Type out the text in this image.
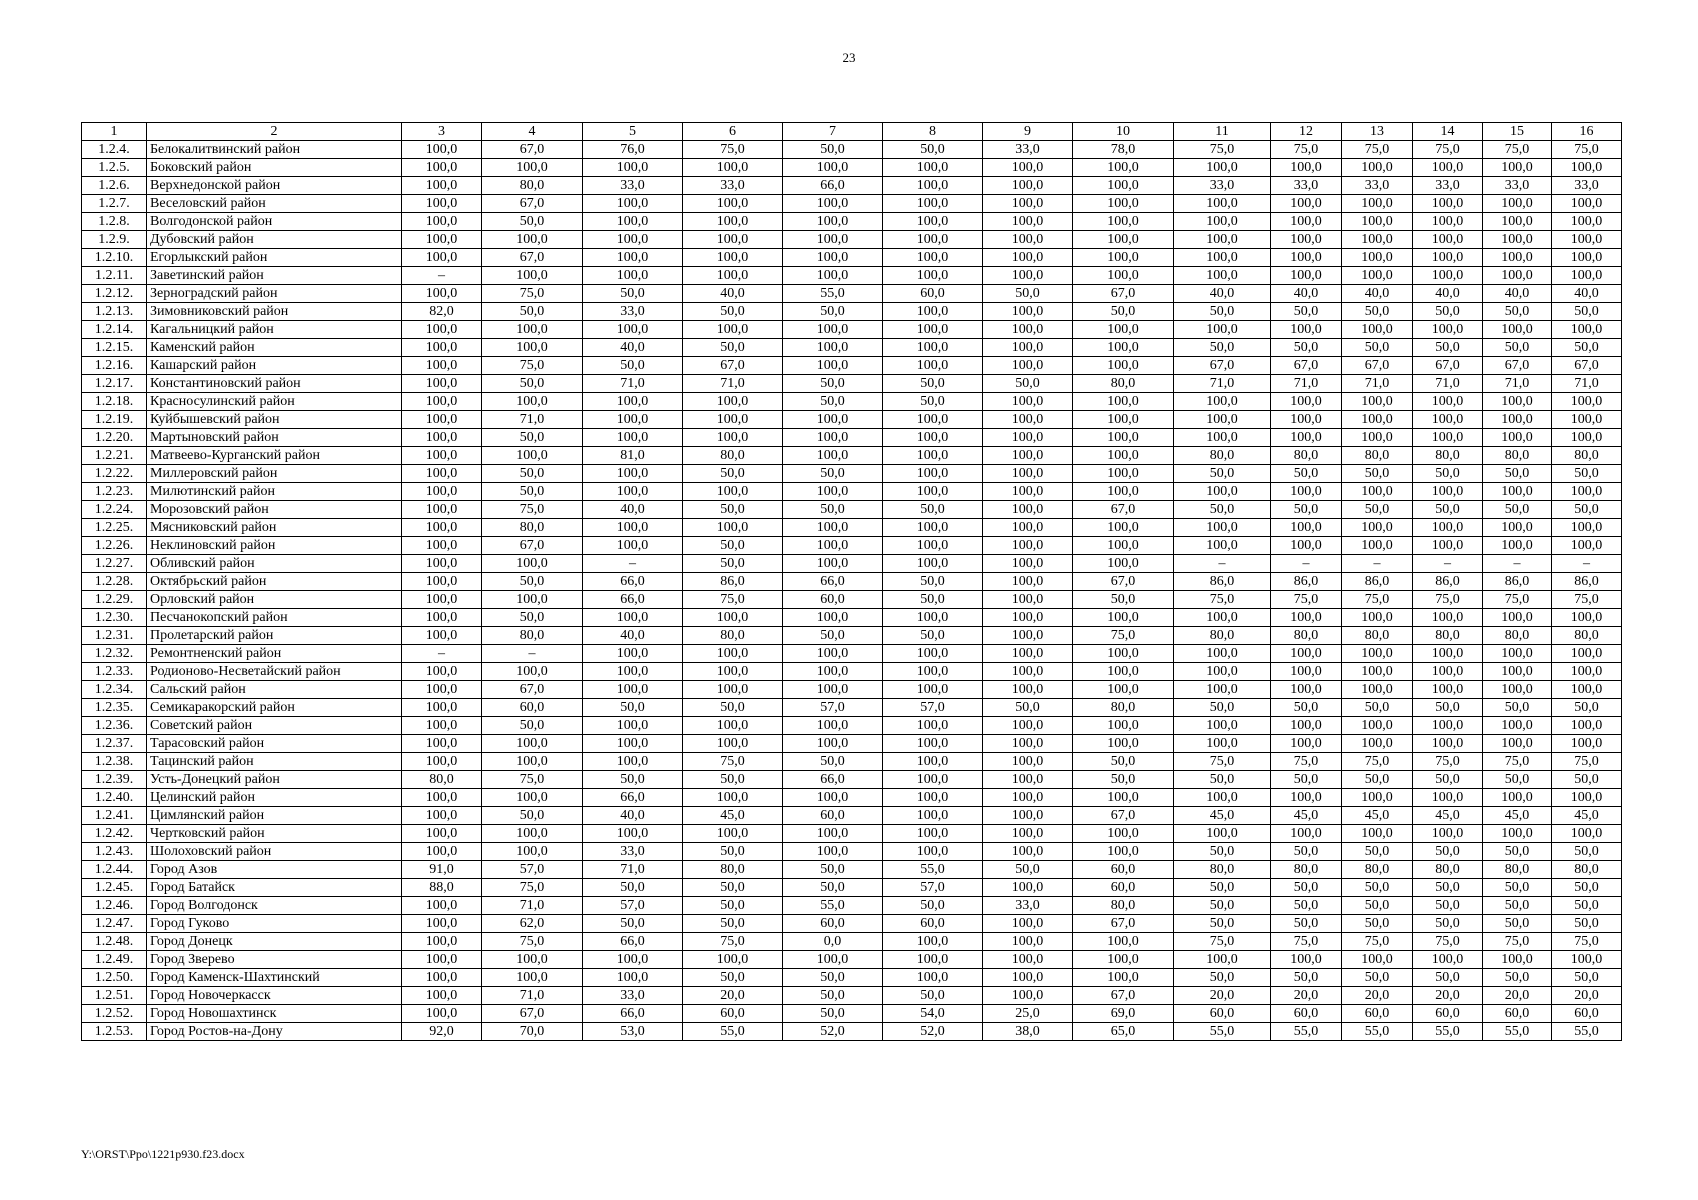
23
1	2	3	4	5	6	7	8	9	10	11	12	13	14	15	16
1.2.4.	Белокалитвинский район	100,0	67,0	76,0	75,0	50,0	50,0	33,0	78,0	75,0	75,0	75,0	75,0	75,0	75,0
1.2.5.	Боковский район	100,0	100,0	100,0	100,0	100,0	100,0	100,0	100,0	100,0	100,0	100,0	100,0	100,0	100,0
1.2.6.	Верхнедонской район	100,0	80,0	33,0	33,0	66,0	100,0	100,0	100,0	33,0	33,0	33,0	33,0	33,0	33,0
1.2.7.	Веселовский район	100,0	67,0	100,0	100,0	100,0	100,0	100,0	100,0	100,0	100,0	100,0	100,0	100,0	100,0
1.2.8.	Волгодонской район	100,0	50,0	100,0	100,0	100,0	100,0	100,0	100,0	100,0	100,0	100,0	100,0	100,0	100,0
1.2.9.	Дубовский район	100,0	100,0	100,0	100,0	100,0	100,0	100,0	100,0	100,0	100,0	100,0	100,0	100,0	100,0
1.2.10.	Егорлыкский район	100,0	67,0	100,0	100,0	100,0	100,0	100,0	100,0	100,0	100,0	100,0	100,0	100,0	100,0
1.2.11.	Заветинский район	–	100,0	100,0	100,0	100,0	100,0	100,0	100,0	100,0	100,0	100,0	100,0	100,0	100,0
1.2.12.	Зерноградский район	100,0	75,0	50,0	40,0	55,0	60,0	50,0	67,0	40,0	40,0	40,0	40,0	40,0	40,0
1.2.13.	Зимовниковский район	82,0	50,0	33,0	50,0	50,0	100,0	100,0	50,0	50,0	50,0	50,0	50,0	50,0	50,0
1.2.14.	Кагальницкий район	100,0	100,0	100,0	100,0	100,0	100,0	100,0	100,0	100,0	100,0	100,0	100,0	100,0	100,0
1.2.15.	Каменский район	100,0	100,0	40,0	50,0	100,0	100,0	100,0	100,0	50,0	50,0	50,0	50,0	50,0	50,0
1.2.16.	Кашарский район	100,0	75,0	50,0	67,0	100,0	100,0	100,0	100,0	67,0	67,0	67,0	67,0	67,0	67,0
1.2.17.	Константиновский район	100,0	50,0	71,0	71,0	50,0	50,0	50,0	80,0	71,0	71,0	71,0	71,0	71,0	71,0
1.2.18.	Красносулинский район	100,0	100,0	100,0	100,0	50,0	50,0	100,0	100,0	100,0	100,0	100,0	100,0	100,0	100,0
1.2.19.	Куйбышевский район	100,0	71,0	100,0	100,0	100,0	100,0	100,0	100,0	100,0	100,0	100,0	100,0	100,0	100,0
1.2.20.	Мартыновский район	100,0	50,0	100,0	100,0	100,0	100,0	100,0	100,0	100,0	100,0	100,0	100,0	100,0	100,0
1.2.21.	Матвеево-Курганский район	100,0	100,0	81,0	80,0	100,0	100,0	100,0	100,0	80,0	80,0	80,0	80,0	80,0	80,0
1.2.22.	Миллеровский район	100,0	50,0	100,0	50,0	50,0	100,0	100,0	100,0	50,0	50,0	50,0	50,0	50,0	50,0
1.2.23.	Милютинский район	100,0	50,0	100,0	100,0	100,0	100,0	100,0	100,0	100,0	100,0	100,0	100,0	100,0	100,0
1.2.24.	Морозовский район	100,0	75,0	40,0	50,0	50,0	50,0	100,0	67,0	50,0	50,0	50,0	50,0	50,0	50,0
1.2.25.	Мясниковский район	100,0	80,0	100,0	100,0	100,0	100,0	100,0	100,0	100,0	100,0	100,0	100,0	100,0	100,0
1.2.26.	Неклиновский район	100,0	67,0	100,0	50,0	100,0	100,0	100,0	100,0	100,0	100,0	100,0	100,0	100,0	100,0
1.2.27.	Обливский район	100,0	100,0	–	50,0	100,0	100,0	100,0	100,0	–	–	–	–	–	–
1.2.28.	Октябрьский район	100,0	50,0	66,0	86,0	66,0	50,0	100,0	67,0	86,0	86,0	86,0	86,0	86,0	86,0
1.2.29.	Орловский район	100,0	100,0	66,0	75,0	60,0	50,0	100,0	50,0	75,0	75,0	75,0	75,0	75,0	75,0
1.2.30.	Песчанокопский район	100,0	50,0	100,0	100,0	100,0	100,0	100,0	100,0	100,0	100,0	100,0	100,0	100,0	100,0
1.2.31.	Пролетарский район	100,0	80,0	40,0	80,0	50,0	50,0	100,0	75,0	80,0	80,0	80,0	80,0	80,0	80,0
1.2.32.	Ремонтненский район	–	–	100,0	100,0	100,0	100,0	100,0	100,0	100,0	100,0	100,0	100,0	100,0	100,0
1.2.33.	Родионово-Несветайский район	100,0	100,0	100,0	100,0	100,0	100,0	100,0	100,0	100,0	100,0	100,0	100,0	100,0	100,0
1.2.34.	Сальский район	100,0	67,0	100,0	100,0	100,0	100,0	100,0	100,0	100,0	100,0	100,0	100,0	100,0	100,0
1.2.35.	Семикаракорский район	100,0	60,0	50,0	50,0	57,0	57,0	50,0	80,0	50,0	50,0	50,0	50,0	50,0	50,0
1.2.36.	Советский район	100,0	50,0	100,0	100,0	100,0	100,0	100,0	100,0	100,0	100,0	100,0	100,0	100,0	100,0
1.2.37.	Тарасовский район	100,0	100,0	100,0	100,0	100,0	100,0	100,0	100,0	100,0	100,0	100,0	100,0	100,0	100,0
1.2.38.	Тацинский район	100,0	100,0	100,0	75,0	50,0	100,0	100,0	50,0	75,0	75,0	75,0	75,0	75,0	75,0
1.2.39.	Усть-Донецкий район	80,0	75,0	50,0	50,0	66,0	100,0	100,0	50,0	50,0	50,0	50,0	50,0	50,0	50,0
1.2.40.	Целинский район	100,0	100,0	66,0	100,0	100,0	100,0	100,0	100,0	100,0	100,0	100,0	100,0	100,0	100,0
1.2.41.	Цимлянский район	100,0	50,0	40,0	45,0	60,0	100,0	100,0	67,0	45,0	45,0	45,0	45,0	45,0	45,0
1.2.42.	Чертковский район	100,0	100,0	100,0	100,0	100,0	100,0	100,0	100,0	100,0	100,0	100,0	100,0	100,0	100,0
1.2.43.	Шолоховский район	100,0	100,0	33,0	50,0	100,0	100,0	100,0	100,0	50,0	50,0	50,0	50,0	50,0	50,0
1.2.44.	Город Азов	91,0	57,0	71,0	80,0	50,0	55,0	50,0	60,0	80,0	80,0	80,0	80,0	80,0	80,0
1.2.45.	Город Батайск	88,0	75,0	50,0	50,0	50,0	57,0	100,0	60,0	50,0	50,0	50,0	50,0	50,0	50,0
1.2.46.	Город Волгодонск	100,0	71,0	57,0	50,0	55,0	50,0	33,0	80,0	50,0	50,0	50,0	50,0	50,0	50,0
1.2.47.	Город Гуково	100,0	62,0	50,0	50,0	60,0	60,0	100,0	67,0	50,0	50,0	50,0	50,0	50,0	50,0
1.2.48.	Город Донецк	100,0	75,0	66,0	75,0	0,0	100,0	100,0	100,0	75,0	75,0	75,0	75,0	75,0	75,0
1.2.49.	Город Зверево	100,0	100,0	100,0	100,0	100,0	100,0	100,0	100,0	100,0	100,0	100,0	100,0	100,0	100,0
1.2.50.	Город Каменск-Шахтинский	100,0	100,0	100,0	50,0	50,0	100,0	100,0	100,0	50,0	50,0	50,0	50,0	50,0	50,0
1.2.51.	Город Новочеркасск	100,0	71,0	33,0	20,0	50,0	50,0	100,0	67,0	20,0	20,0	20,0	20,0	20,0	20,0
1.2.52.	Город Новошахтинск	100,0	67,0	66,0	60,0	50,0	54,0	25,0	69,0	60,0	60,0	60,0	60,0	60,0	60,0
1.2.53.	Город Ростов-на-Дону	92,0	70,0	53,0	55,0	52,0	52,0	38,0	65,0	55,0	55,0	55,0	55,0	55,0	55,0
Y:\ORST\Ppo\1221p930.f23.docx
